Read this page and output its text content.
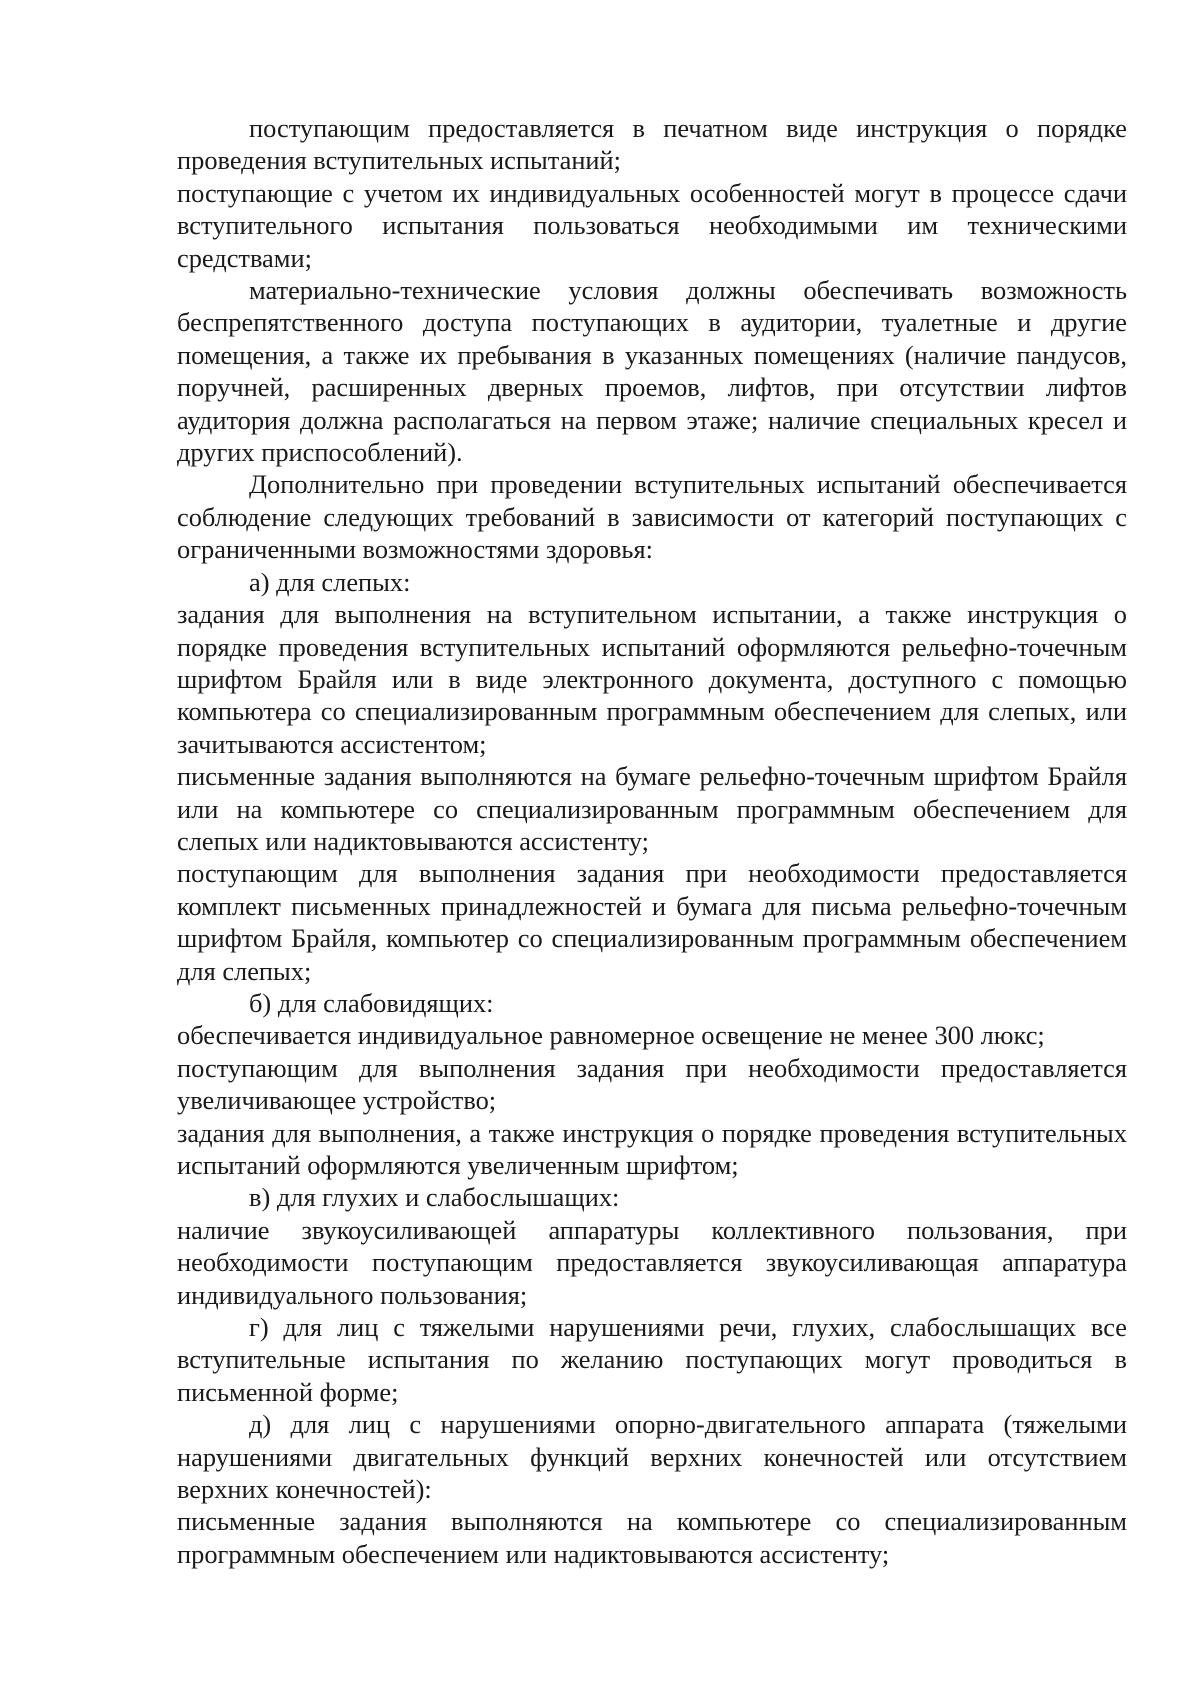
поступающим предоставляется в печатном виде инструкция о порядке проведения вступительных испытаний;

поступающие с учетом их индивидуальных особенностей могут в процессе сдачи вступительного испытания пользоваться необходимыми им техническими средствами;

материально-технические условия должны обеспечивать возможность беспрепятственного доступа поступающих в аудитории, туалетные и другие помещения, а также их пребывания в указанных помещениях (наличие пандусов, поручней, расширенных дверных проемов, лифтов, при отсутствии лифтов аудитория должна располагаться на первом этаже; наличие специальных кресел и других приспособлений).

Дополнительно при проведении вступительных испытаний обеспечивается соблюдение следующих требований в зависимости от категорий поступающих с ограниченными возможностями здоровья:

а) для слепых:

задания для выполнения на вступительном испытании, а также инструкция о порядке проведения вступительных испытаний оформляются рельефно-точечным шрифтом Брайля или в виде электронного документа, доступного с помощью компьютера со специализированным программным обеспечением для слепых, или зачитываются ассистентом;

письменные задания выполняются на бумаге рельефно-точечным шрифтом Брайля или на компьютере со специализированным программным обеспечением для слепых или надиктовываются ассистенту;

поступающим для выполнения задания при необходимости предоставляется комплект письменных принадлежностей и бумага для письма рельефно-точечным шрифтом Брайля, компьютер со специализированным программным обеспечением для слепых;

б) для слабовидящих:

обеспечивается индивидуальное равномерное освещение не менее 300 люкс;

поступающим для выполнения задания при необходимости предоставляется увеличивающее устройство;

задания для выполнения, а также инструкция о порядке проведения вступительных испытаний оформляются увеличенным шрифтом;

в) для глухих и слабослышащих:

наличие звукоусиливающей аппаратуры коллективного пользования, при необходимости поступающим предоставляется звукоусиливающая аппаратура индивидуального пользования;

г) для лиц с тяжелыми нарушениями речи, глухих, слабослышащих все вступительные испытания по желанию поступающих могут проводиться в письменной форме;

д) для лиц с нарушениями опорно-двигательного аппарата (тяжелыми нарушениями двигательных функций верхних конечностей или отсутствием верхних конечностей):

письменные задания выполняются на компьютере со специализированным программным обеспечением или надиктовываются ассистенту;
